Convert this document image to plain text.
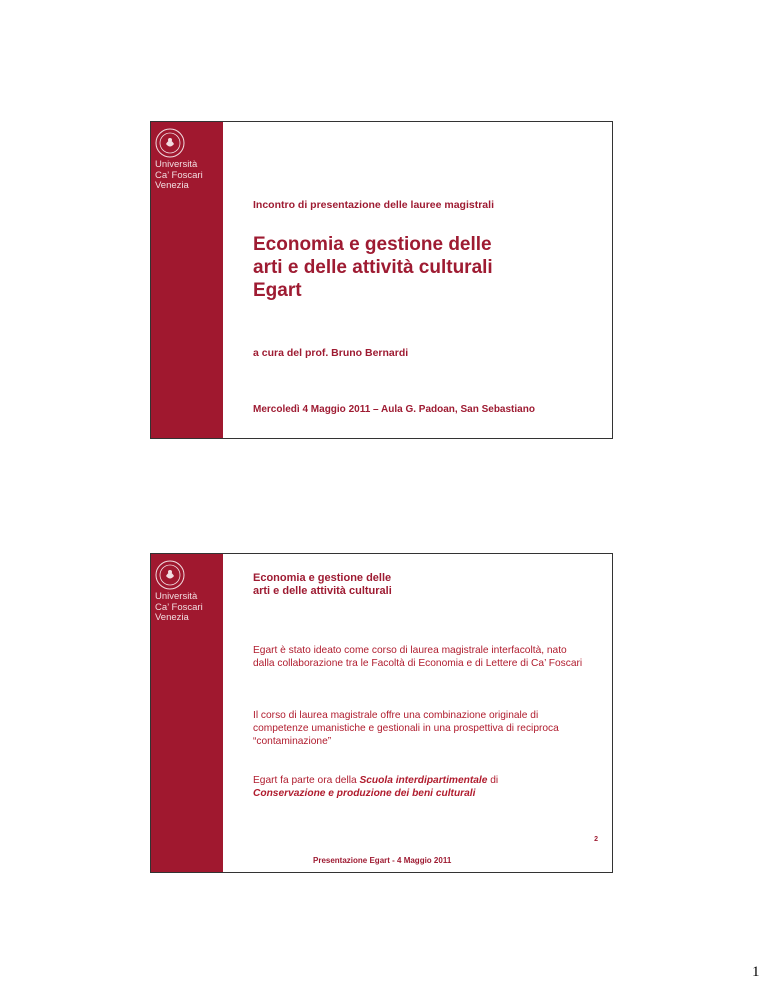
Università
Ca’ Foscari
Venezia
Incontro di presentazione delle lauree magistrali
Economia e gestione delle
arti e delle attività culturali
Egart
a cura del prof. Bruno Bernardi
Mercoledì 4 Maggio 2011 – Aula G. Padoan, San Sebastiano
Università
Ca’ Foscari
Venezia
Economia e gestione delle
arti e delle attività culturali
Egart è stato ideato come corso di laurea magistrale interfacoltà, nato dalla collaborazione tra le Facoltà di Economia e di Lettere di Ca’ Foscari
Il corso di laurea magistrale offre una combinazione originale di competenze umanistiche e gestionali in una prospettiva di reciproca “contaminazione”
Egart fa parte ora della Scuola interdipartimentale di
Conservazione e produzione dei beni culturali
2
Presentazione Egart - 4 Maggio 2011
1
